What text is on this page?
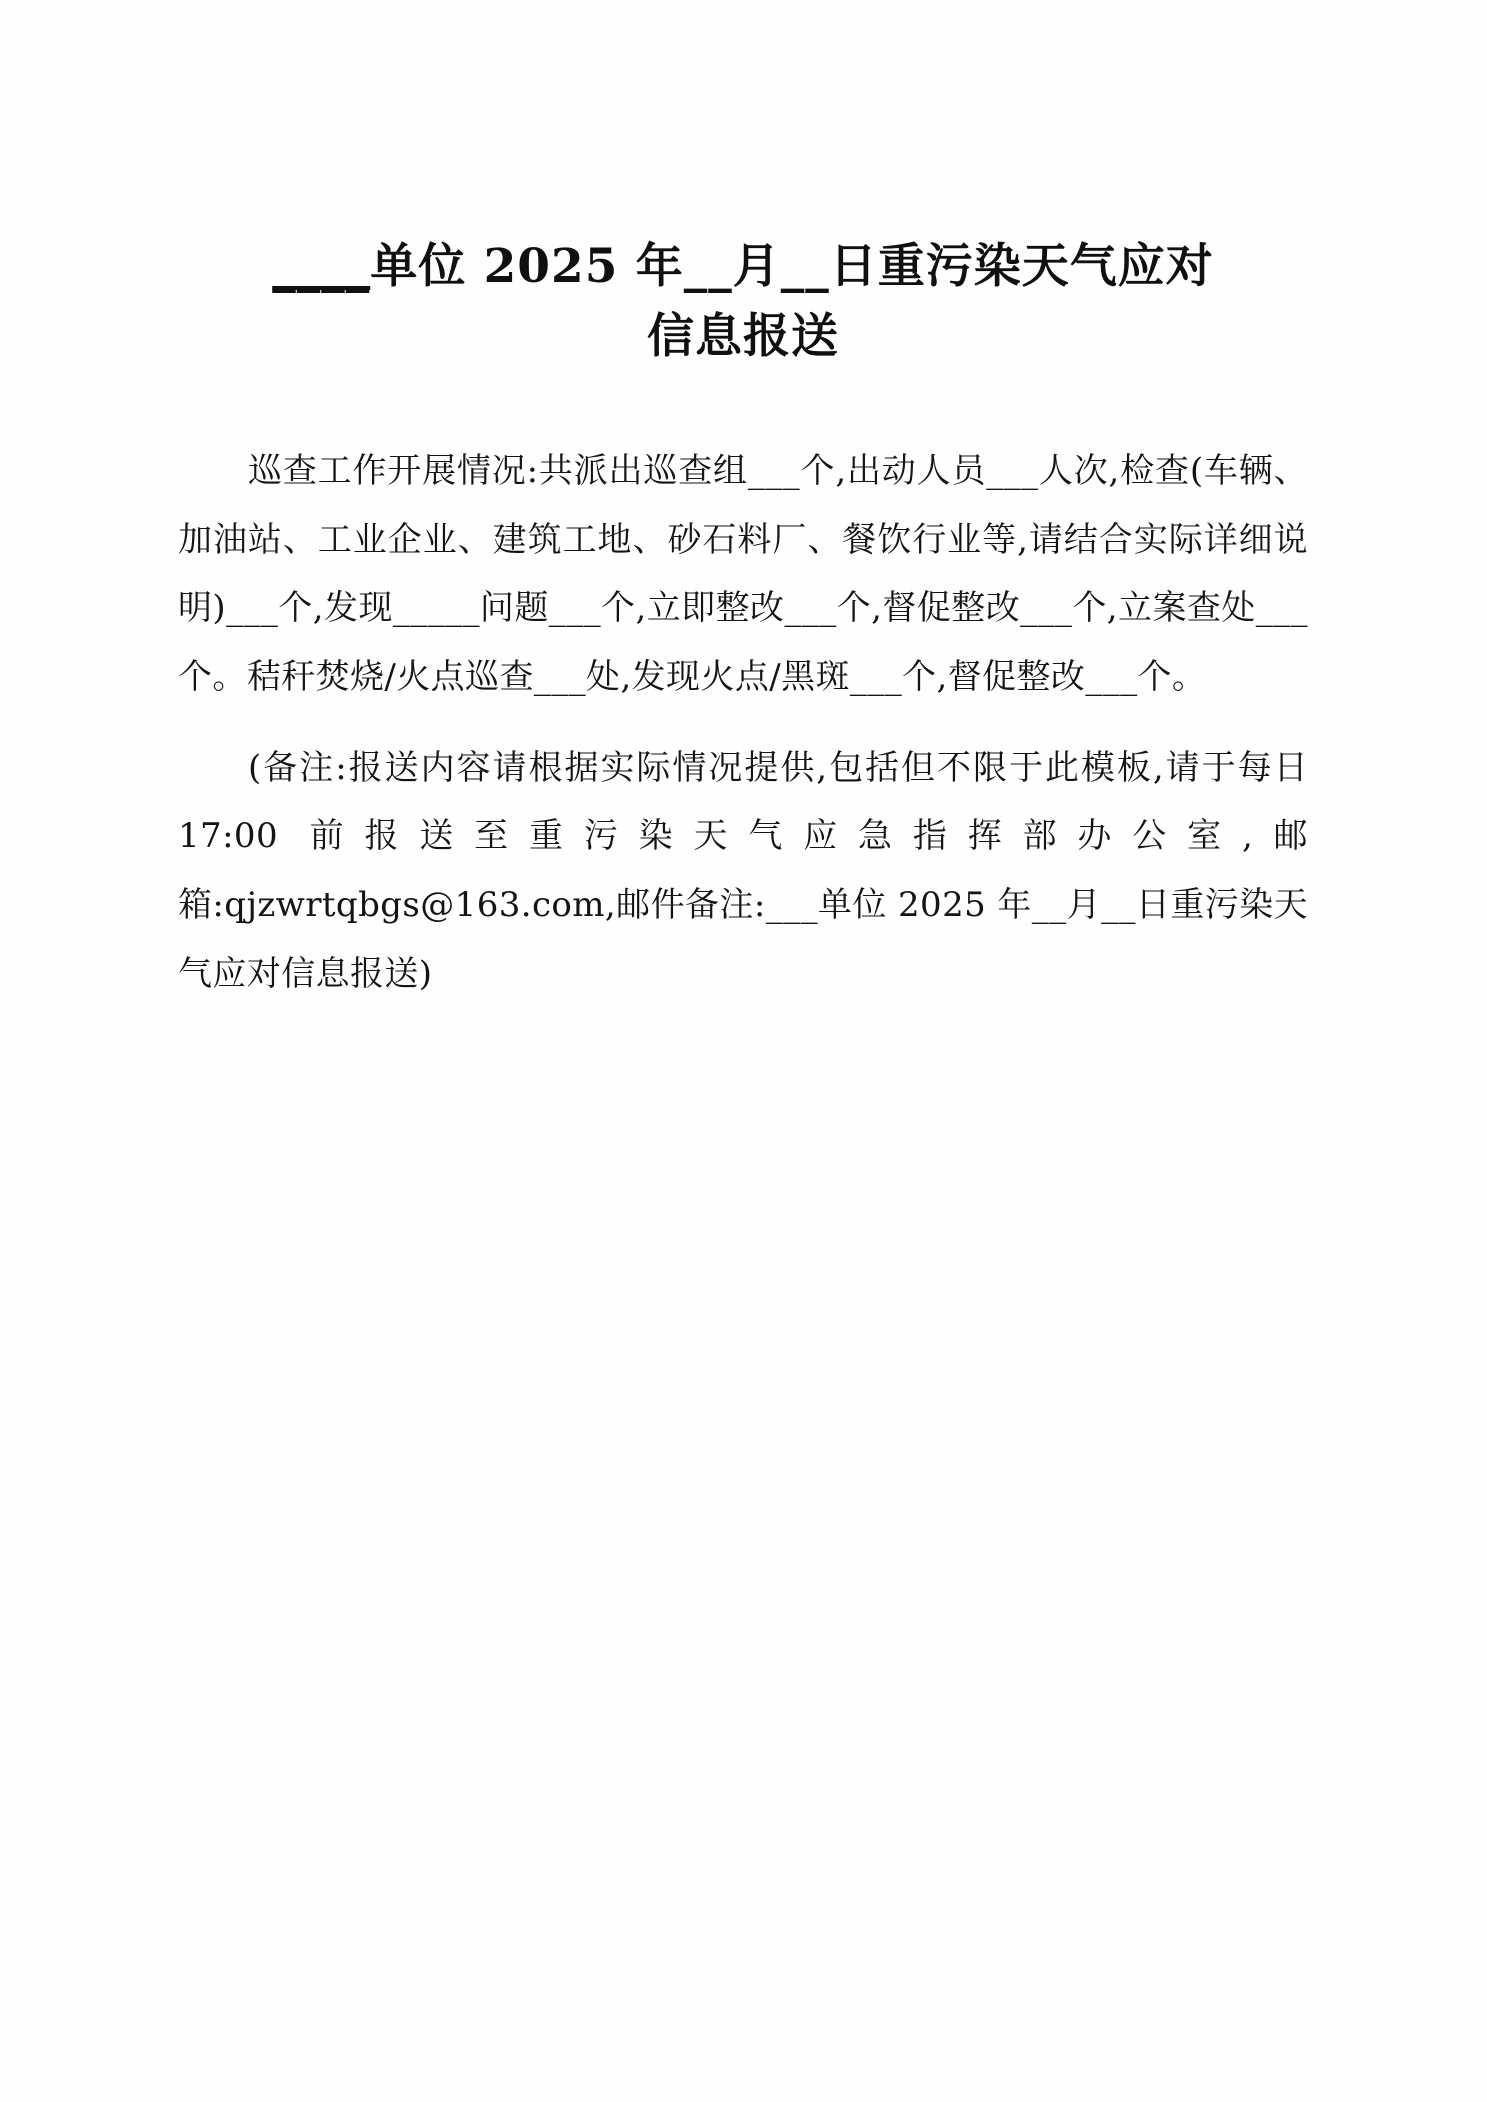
____单位 2025 年__月__日重污染天气应对
信息报送

巡查工作开展情况:共派出巡查组___个,出动人员___人次,检查(车辆、加油站、工业企业、建筑工地、砂石料厂、餐饮行业等,请结合实际详细说明)___个,发现_____问题___个,立即整改___个,督促整改___个,立案查处___个。秸秆焚烧/火点巡查___处,发现火点/黑斑___个,督促整改___个。

(备注:报送内容请根据实际情况提供,包括但不限于此模板,请于每日 17:00 前报送至重污染天气应急指挥部办公室,邮箱:qjzwrtqbgs@163.com,邮件备注:___单位 2025 年__月__日重污染天气应对信息报送)
